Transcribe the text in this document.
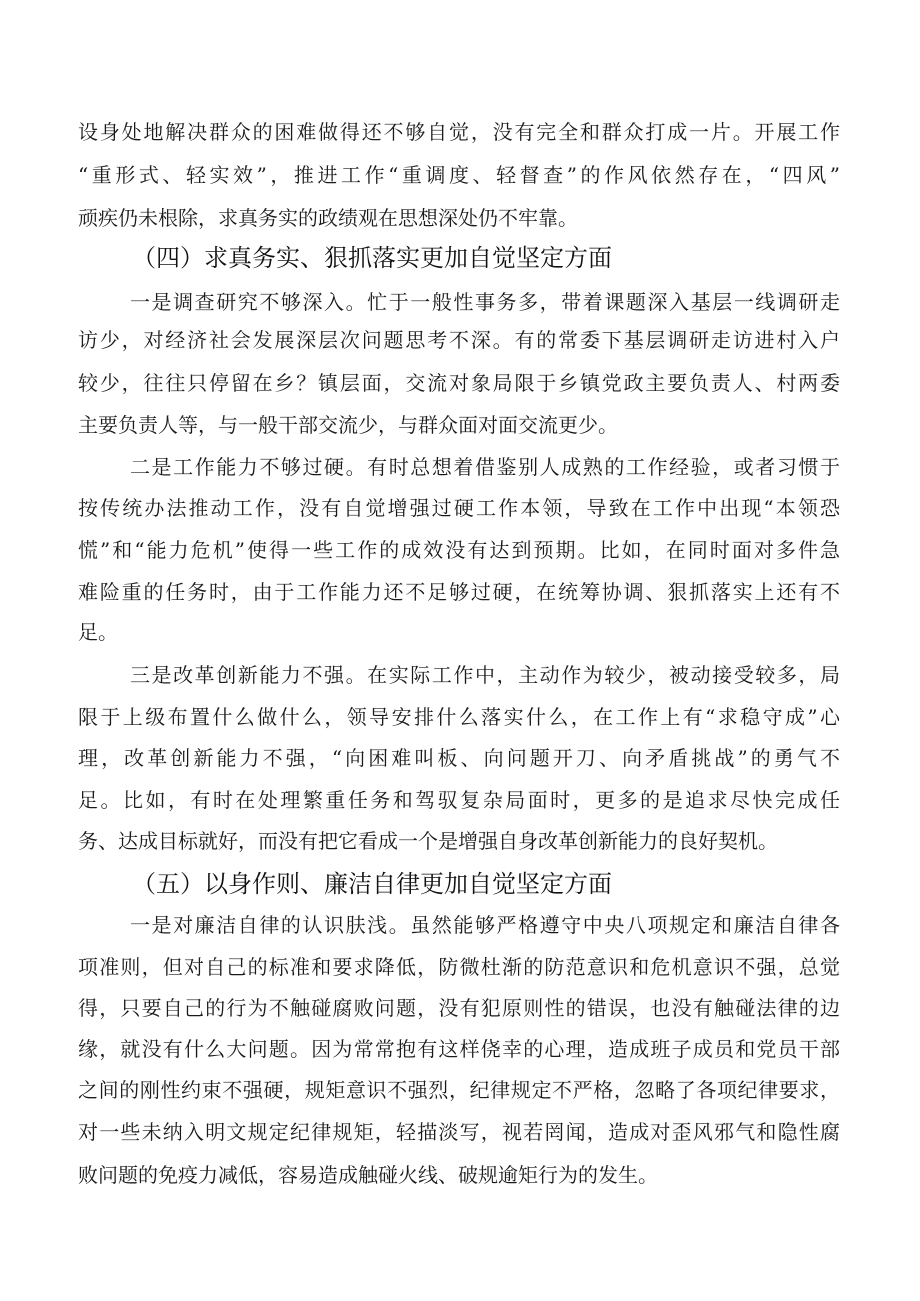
设身处地解决群众的困难做得还不够自觉，没有完全和群众打成一片。开展工作

“重形式、轻实效”，推进工作“重调度、轻督查”的作风依然存在，“四风”

顽疾仍未根除，求真务实的政绩观在思想深处仍不牢靠。

（四）求真务实、狠抓落实更加自觉坚定方面

一是调查研究不够深入。忙于一般性事务多，带着课题深入基层一线调研走

访少，对经济社会发展深层次问题思考不深。有的常委下基层调研走访进村入户

较少，往往只停留在乡？镇层面，交流对象局限于乡镇党政主要负责人、村两委

主要负责人等，与一般干部交流少，与群众面对面交流更少。

二是工作能力不够过硬。有时总想着借鉴别人成熟的工作经验，或者习惯于

按传统办法推动工作，没有自觉增强过硬工作本领，导致在工作中出现“本领恐

慌”和“能力危机”使得一些工作的成效没有达到预期。比如，在同时面对多件急

难险重的任务时，由于工作能力还不足够过硬，在统筹协调、狠抓落实上还有不

足。

三是改革创新能力不强。在实际工作中，主动作为较少，被动接受较多，局

限于上级布置什么做什么，领导安排什么落实什么，在工作上有“求稳守成”心

理，改革创新能力不强，“向困难叫板、向问题开刀、向矛盾挑战”的勇气不

足。比如，有时在处理繁重任务和驾驭复杂局面时，更多的是追求尽快完成任

务、达成目标就好，而没有把它看成一个是增强自身改革创新能力的良好契机。

（五）以身作则、廉洁自律更加自觉坚定方面

一是对廉洁自律的认识肤浅。虽然能够严格遵守中央八项规定和廉洁自律各

项准则，但对自己的标准和要求降低，防微杜渐的防范意识和危机意识不强，总觉

得，只要自己的行为不触碰腐败问题，没有犯原则性的错误，也没有触碰法律的边

缘，就没有什么大问题。因为常常抱有这样侥幸的心理，造成班子成员和党员干部

之间的刚性约束不强硬，规矩意识不强烈，纪律规定不严格，忽略了各项纪律要求，

对一些未纳入明文规定纪律规矩，轻描淡写，视若罔闻，造成对歪风邪气和隐性腐

败问题的免疫力减低，容易造成触碰火线、破规逾矩行为的发生。
